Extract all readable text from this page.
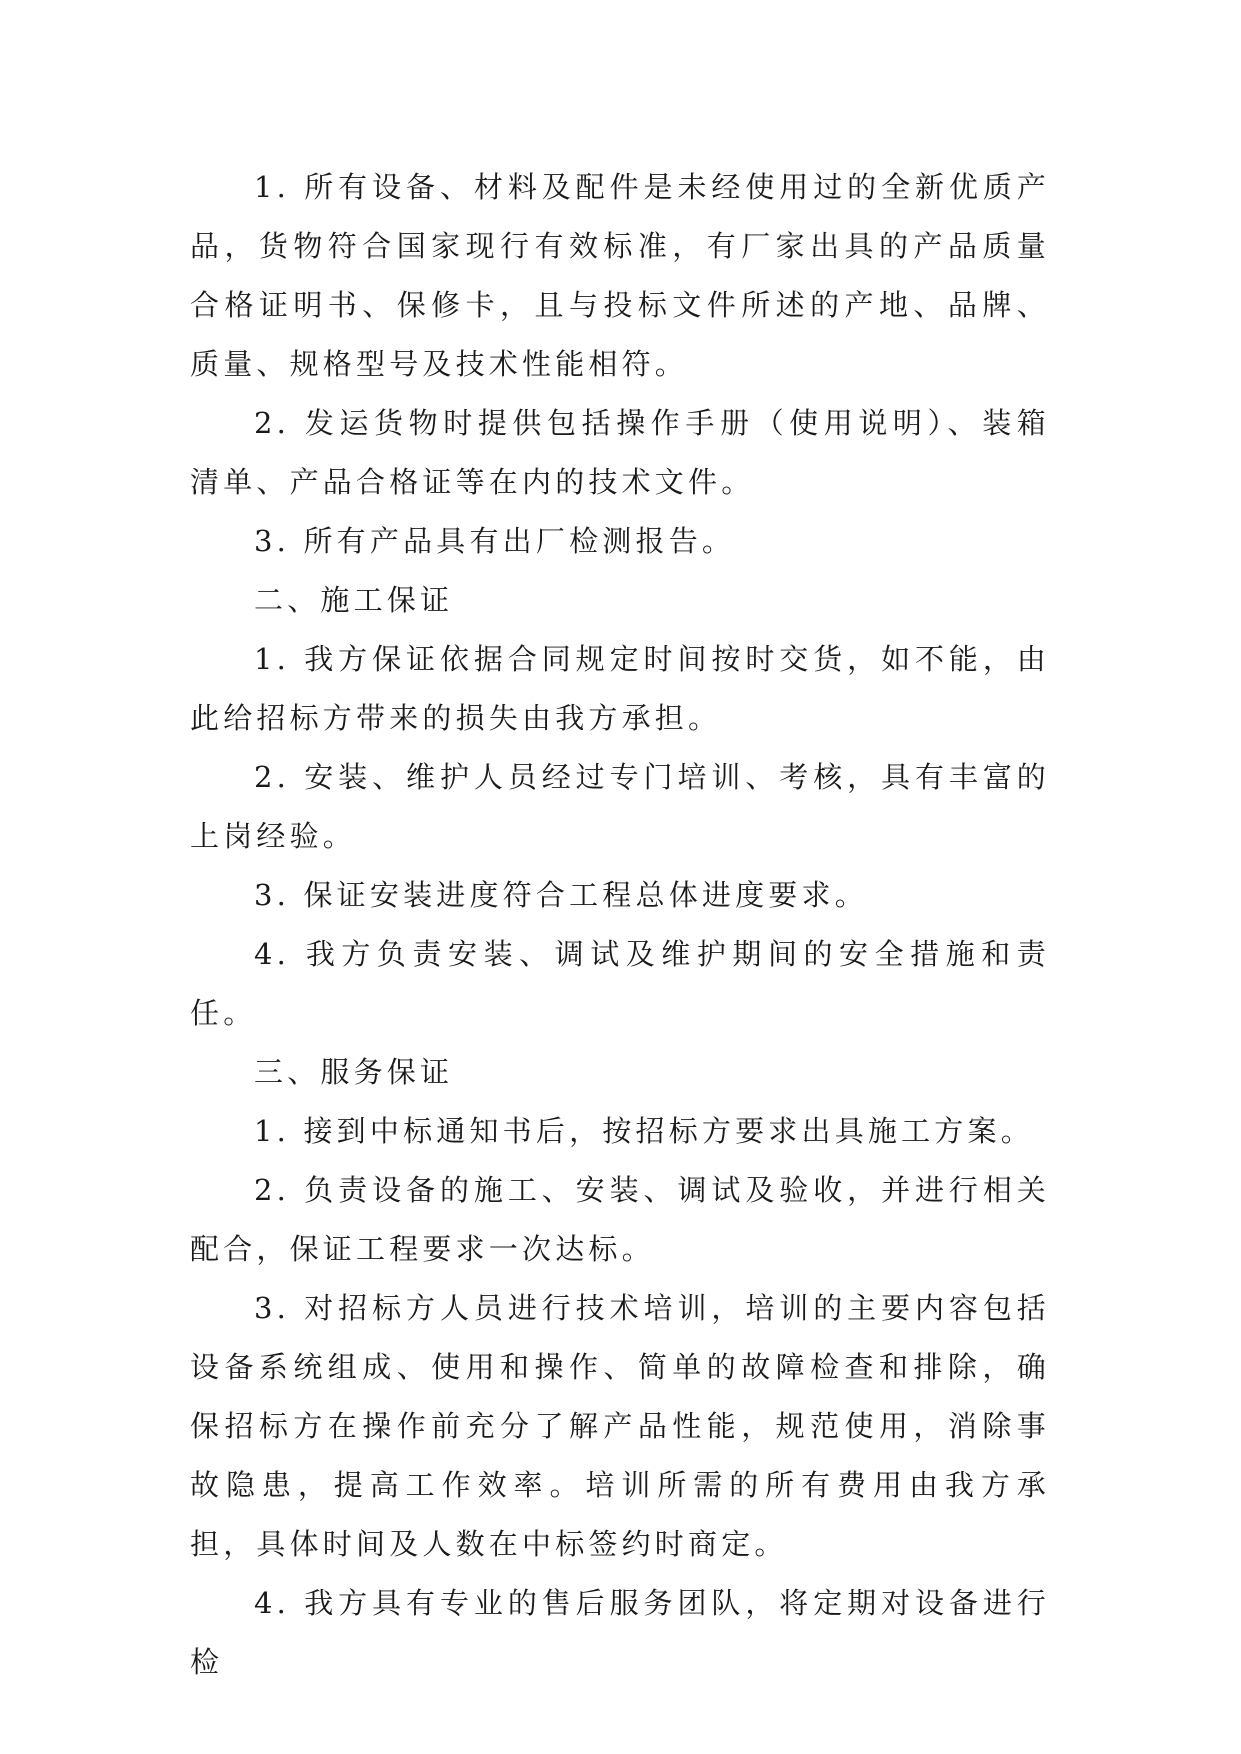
1. 所有设备、材料及配件是未经使用过的全新优质产品，货物符合国家现行有效标准，有厂家出具的产品质量合格证明书、保修卡，且与投标文件所述的产地、品牌、质量、规格型号及技术性能相符。

2. 发运货物时提供包括操作手册（使用说明）、装箱清单、产品合格证等在内的技术文件。

3. 所有产品具有出厂检测报告。

二、施工保证

1. 我方保证依据合同规定时间按时交货，如不能，由此给招标方带来的损失由我方承担。

2. 安装、维护人员经过专门培训、考核，具有丰富的上岗经验。

3. 保证安装进度符合工程总体进度要求。

4. 我方负责安装、调试及维护期间的安全措施和责任。

三、服务保证

1. 接到中标通知书后，按招标方要求出具施工方案。

2. 负责设备的施工、安装、调试及验收，并进行相关配合，保证工程要求一次达标。

3. 对招标方人员进行技术培训，培训的主要内容包括设备系统组成、使用和操作、简单的故障检查和排除，确保招标方在操作前充分了解产品性能，规范使用，消除事故隐患，提高工作效率。培训所需的所有费用由我方承担，具体时间及人数在中标签约时商定。

4. 我方具有专业的售后服务团队，将定期对设备进行检
